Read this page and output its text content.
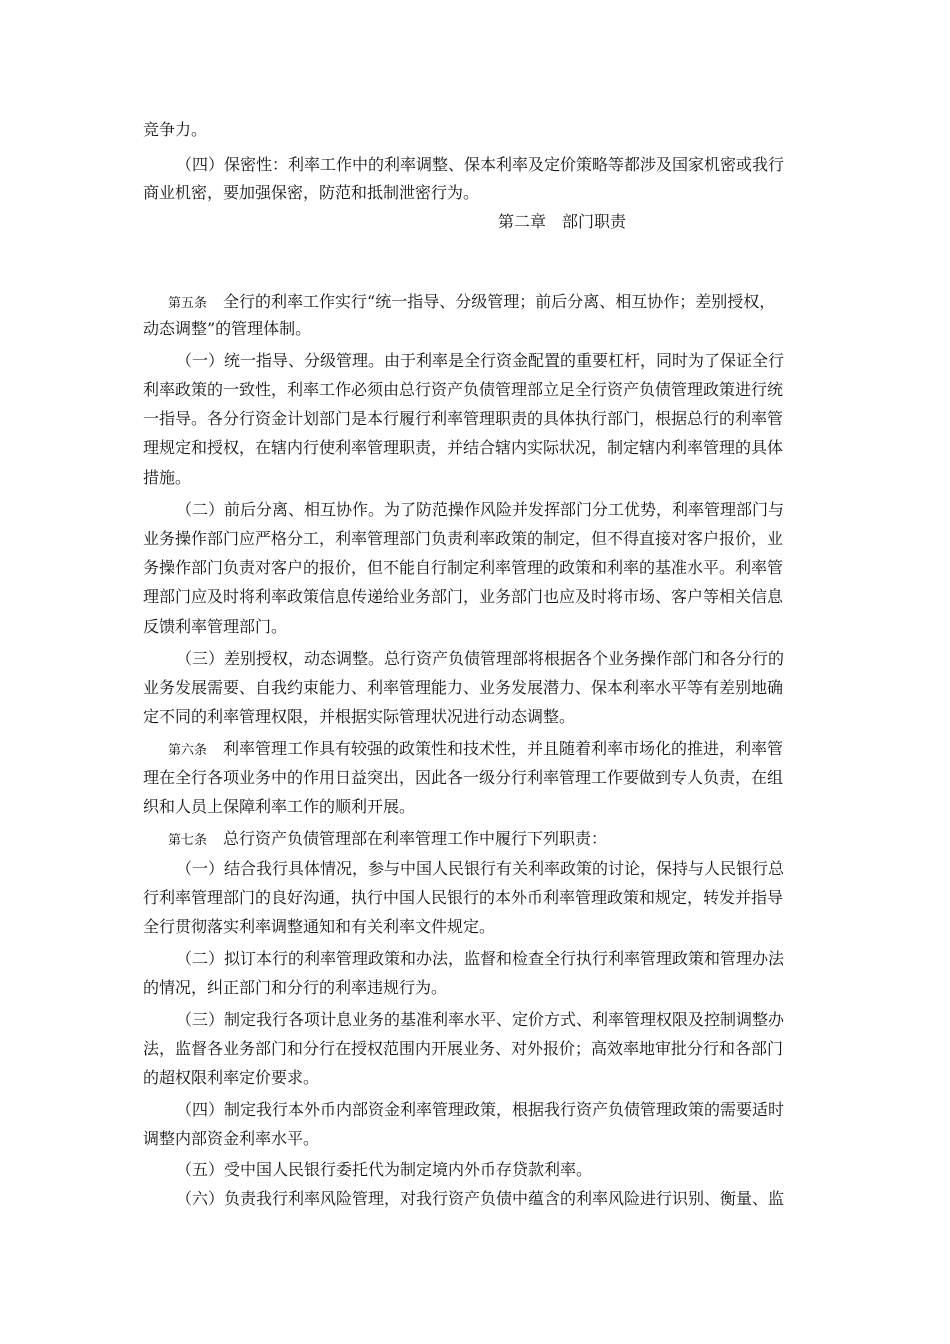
竞争力。
（四）保密性：利率工作中的利率调整、保本利率及定价策略等都涉及国家机密或我行
商业机密，要加强保密，防范和抵制泄密行为。
第二章　部门职责
第五条 全行的利率工作实行“统一指导、分级管理；前后分离、相互协作；差别授权，
动态调整”的管理体制。
（一）统一指导、分级管理。由于利率是全行资金配置的重要杠杆，同时为了保证全行
利率政策的一致性，利率工作必须由总行资产负债管理部立足全行资产负债管理政策进行统
一指导。各分行资金计划部门是本行履行利率管理职责的具体执行部门，根据总行的利率管
理规定和授权，在辖内行使利率管理职责，并结合辖内实际状况，制定辖内利率管理的具体
措施。
（二）前后分离、相互协作。为了防范操作风险并发挥部门分工优势，利率管理部门与
业务操作部门应严格分工，利率管理部门负责利率政策的制定，但不得直接对客户报价，业
务操作部门负责对客户的报价，但不能自行制定利率管理的政策和利率的基准水平。利率管
理部门应及时将利率政策信息传递给业务部门，业务部门也应及时将市场、客户等相关信息
反馈利率管理部门。
（三）差别授权，动态调整。总行资产负债管理部将根据各个业务操作部门和各分行的
业务发展需要、自我约束能力、利率管理能力、业务发展潜力、保本利率水平等有差别地确
定不同的利率管理权限，并根据实际管理状况进行动态调整。
第六条 利率管理工作具有较强的政策性和技术性，并且随着利率市场化的推进，利率管
理在全行各项业务中的作用日益突出，因此各一级分行利率管理工作要做到专人负责，在组
织和人员上保障利率工作的顺利开展。
第七条 总行资产负债管理部在利率管理工作中履行下列职责：
（一）结合我行具体情况，参与中国人民银行有关利率政策的讨论，保持与人民银行总
行利率管理部门的良好沟通，执行中国人民银行的本外币利率管理政策和规定，转发并指导
全行贯彻落实利率调整通知和有关利率文件规定。
（二）拟订本行的利率管理政策和办法，监督和检查全行执行利率管理政策和管理办法
的情况，纠正部门和分行的利率违规行为。
（三）制定我行各项计息业务的基准利率水平、定价方式、利率管理权限及控制调整办
法，监督各业务部门和分行在授权范围内开展业务、对外报价；高效率地审批分行和各部门
的超权限利率定价要求。
（四）制定我行本外币内部资金利率管理政策，根据我行资产负债管理政策的需要适时
调整内部资金利率水平。
（五）受中国人民银行委托代为制定境内外币存贷款利率。
（六）负责我行利率风险管理，对我行资产负债中蕴含的利率风险进行识别、衡量、监
